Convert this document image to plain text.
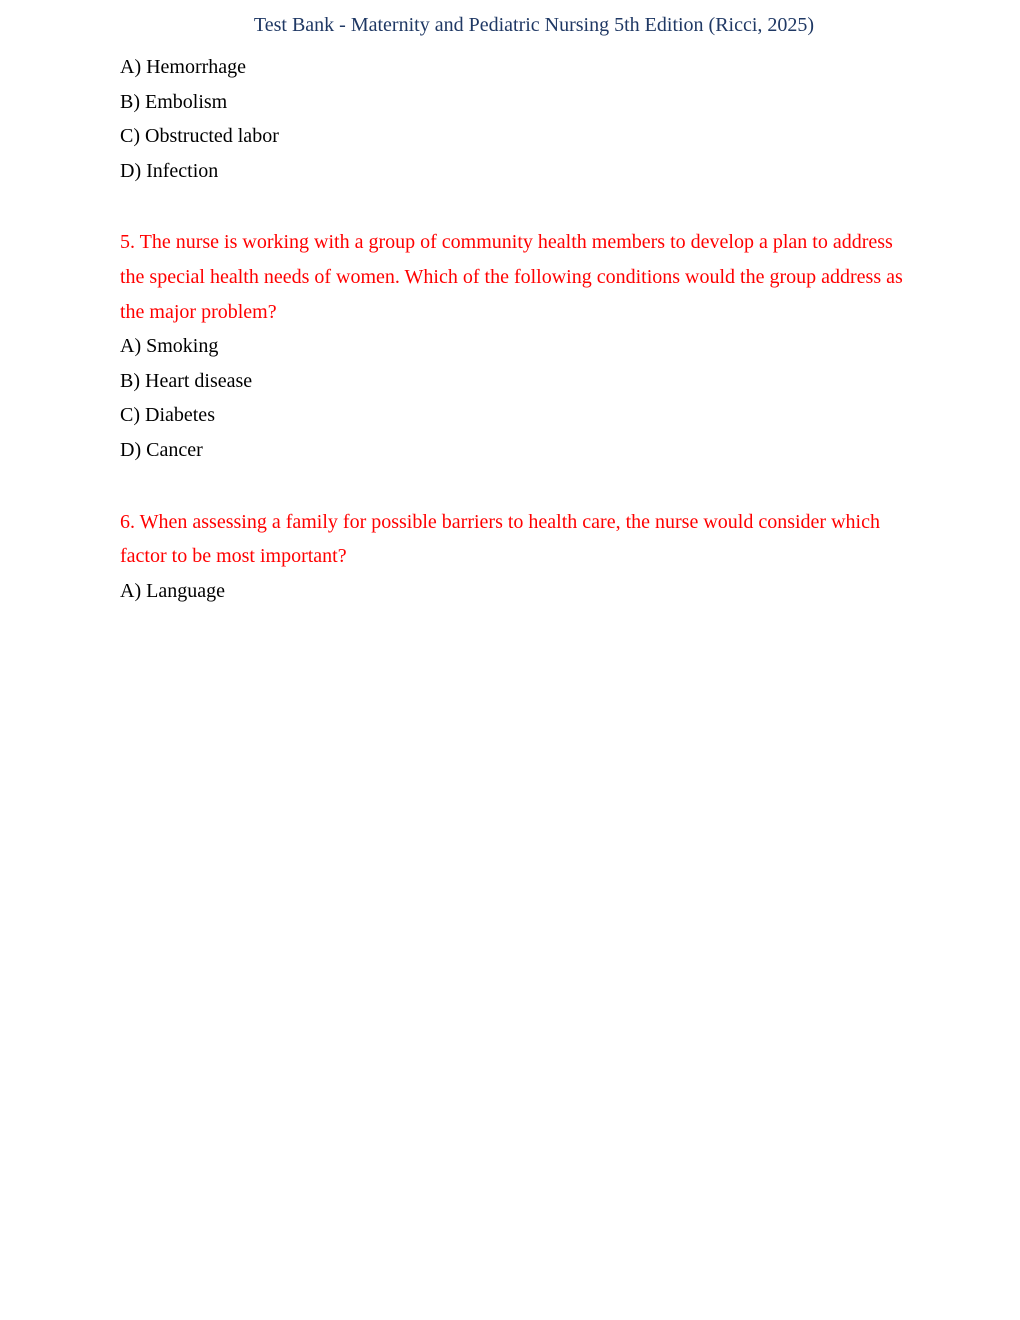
Test Bank - Maternity and Pediatric Nursing 5th Edition (Ricci, 2025)
A) Hemorrhage
B) Embolism
C) Obstructed labor
D) Infection
5. The nurse is working with a group of community health members to develop a plan to address the special health needs of women. Which of the following conditions would the group address as the major problem?
A) Smoking
B) Heart disease
C) Diabetes
D) Cancer
6. When assessing a family for possible barriers to health care, the nurse would consider which factor to be most important?
A) Language
